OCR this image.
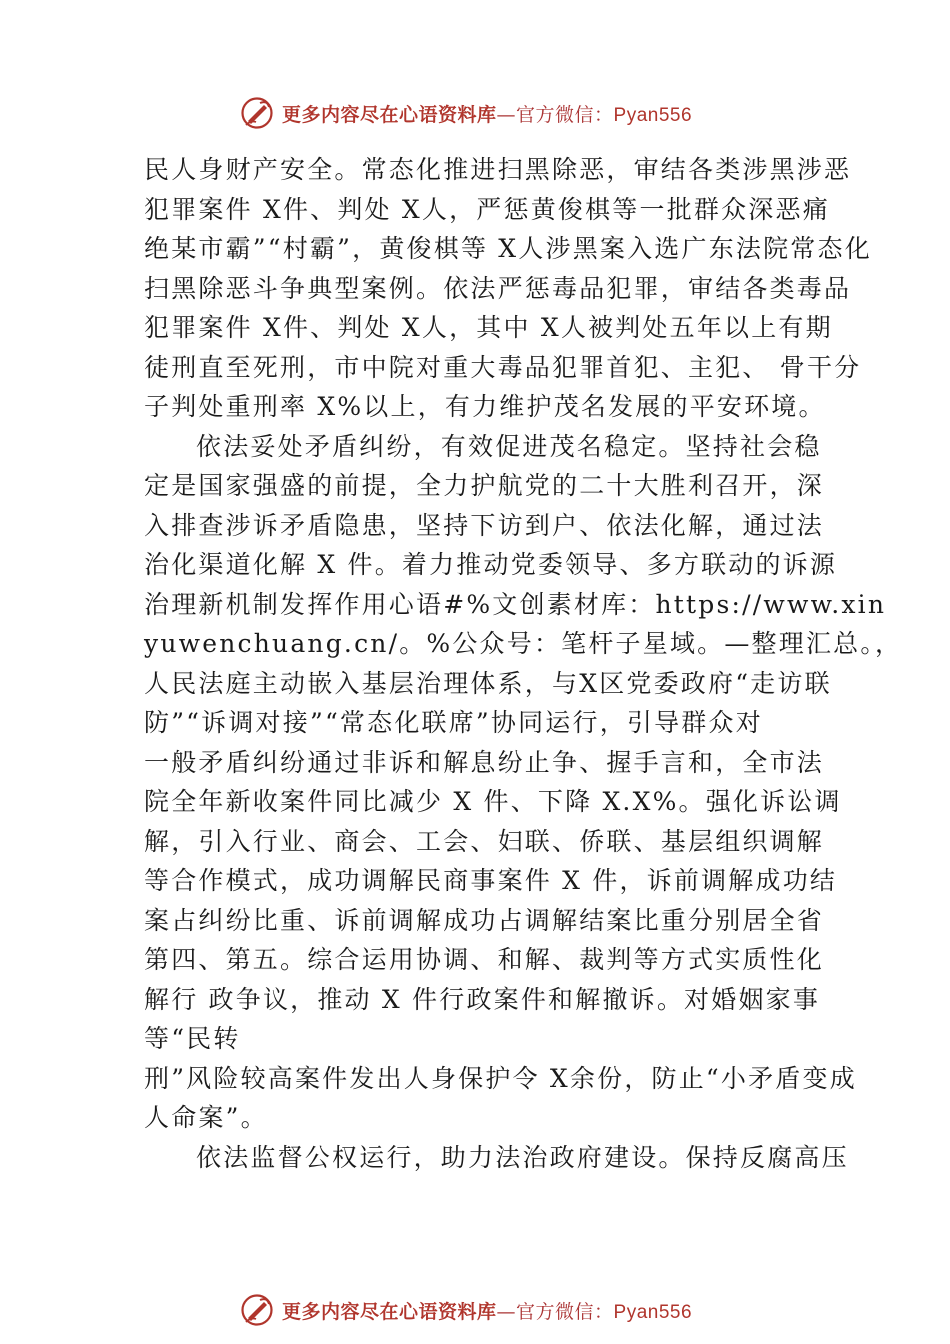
更多内容尽在心语资料库—官方微信：Pyan556
民人身财产安全。常态化推进扫黑除恶，审结各类涉黑涉恶
犯罪案件 X件、判处 X人，严惩黄俊棋等一批群众深恶痛
绝某市霸”“村霸”，黄俊棋等 X人涉黑案入选广东法院常态化
扫黑除恶斗争典型案例。依法严惩毒品犯罪，审结各类毒品
犯罪案件 X件、判处 X人，其中 X人被判处五年以上有期
徒刑直至死刑，市中院对重大毒品犯罪首犯、主犯、 骨干分
子判处重刑率 X%以上，有力维护茂名发展的平安环境。
依法妥处矛盾纠纷，有效促进茂名稳定。坚持社会稳
定是国家强盛的前提，全力护航党的二十大胜利召开，深
入排查涉诉矛盾隐患，坚持下访到户、依法化解，通过法
治化渠道化解 X 件。着力推动党委领导、多方联动的诉源
治理新机制发挥作用心语#%文创素材库：https://www.xin
yuwenchuang.cn/。%公众号：笔杆子星域。—整理汇总。，
人民法庭主动嵌入基层治理体系，与X区党委政府“走访联
防”“诉调对接”“常态化联席”协同运行，引导群众对
一般矛盾纠纷通过非诉和解息纷止争、握手言和，全市法
院全年新收案件同比减少 X 件、下降 X.X%。强化诉讼调
解，引入行业、商会、工会、妇联、侨联、基层组织调解
等合作模式，成功调解民商事案件 X 件，诉前调解成功结
案占纠纷比重、诉前调解成功占调解结案比重分别居全省
第四、第五。综合运用协调、和解、裁判等方式实质性化
解行 政争议，推动 X 件行政案件和解撤诉。对婚姻家事
等“民转
刑”风险较高案件发出人身保护令 X余份，防止“小矛盾变成
人命案”。
依法监督公权运行，助力法治政府建设。保持反腐高压
更多内容尽在心语资料库—官方微信：Pyan556
